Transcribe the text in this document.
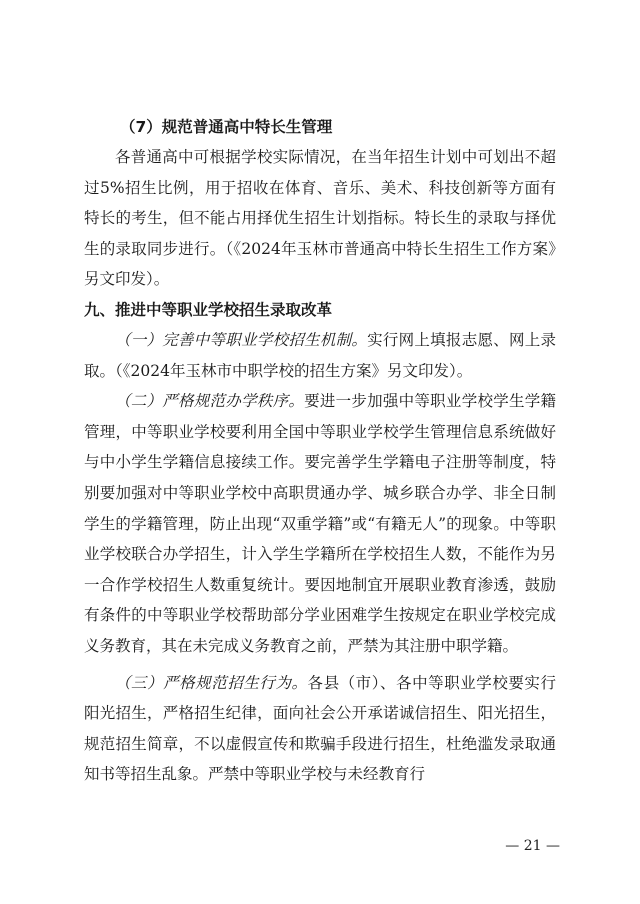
（7）规范普通高中特长生管理

各普通高中可根据学校实际情况，在当年招生计划中可划出不超过5%招生比例，用于招收在体育、音乐、美术、科技创新等方面有特长的考生，但不能占用择优生招生计划指标。特长生的录取与择优生的录取同步进行。（《2024年玉林市普通高中特长生招生工作方案》另文印发）。

九、推进中等职业学校招生录取改革

（一）完善中等职业学校招生机制。实行网上填报志愿、网上录取。（《2024年玉林市中职学校的招生方案》另文印发）。

（二）严格规范办学秩序。要进一步加强中等职业学校学生学籍管理，中等职业学校要利用全国中等职业学校学生管理信息系统做好与中小学生学籍信息接续工作。要完善学生学籍电子注册等制度，特别要加强对中等职业学校中高职贯通办学、城乡联合办学、非全日制学生的学籍管理，防止出现“双重学籍”或“有籍无人”的现象。中等职业学校联合办学招生，计入学生学籍所在学校招生人数，不能作为另一合作学校招生人数重复统计。要因地制宜开展职业教育渗透，鼓励有条件的中等职业学校帮助部分学业困难学生按规定在职业学校完成义务教育，其在未完成义务教育之前，严禁为其注册中职学籍。

（三）严格规范招生行为。各县（市）、各中等职业学校要实行阳光招生，严格招生纪律，面向社会公开承诺诚信招生、阳光招生，规范招生简章，不以虚假宣传和欺骗手段进行招生，杜绝滥发录取通知书等招生乱象。严禁中等职业学校与未经教育行

— 21 —
